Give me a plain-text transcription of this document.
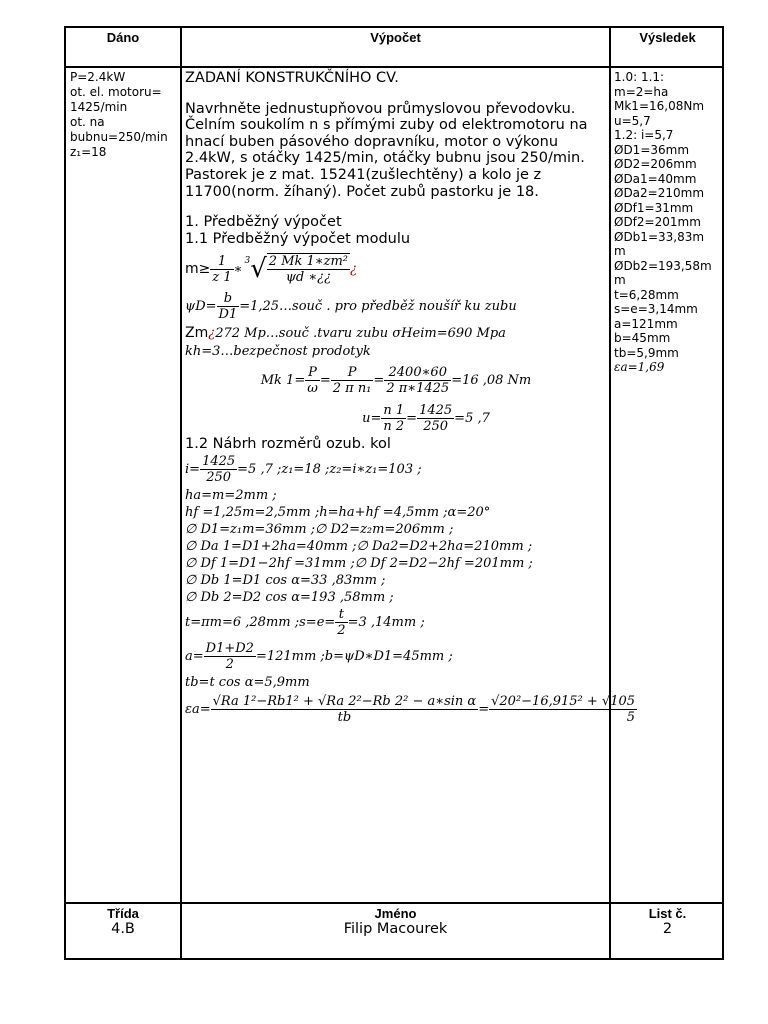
Dáno	Výpočet	Výsledek
P=2.4kW
ot. el. motoru=
1425/min
ot. na
bubnu=250/min
z₁=18
ZADANÍ KONSTRUKČNÍHO CV.
Navrhněte jednustupňovou průmyslovou převodovku. Čelním soukolím n s přímými zuby od elektromotoru na hnací buben pásového dopravníku, motor o výkonu 2.4kW, s otáčky 1425/min, otáčky bubnu jsou 250/min. Pastorek je z mat. 15241(zušlechtěny) a kolo je z 11700(norm. žíhaný). Počet zubů pastorku je 18.
1. Předběžný výpočet
1.1 Předběžný výpočet modulu
$m\ge \frac{1}{z 1}$ ∗
$^3$ √ 2 Mk 1∗zm²
ψd ∗¿¿
¿
$\psi D= \frac{b}{D1}$ =1,25…souč . pro předběž noušíř ku zubu
Zm ¿ 272 Mp…souč .tvaru zubu σHeim=690 Mpa
kh=3…bezpečnost prodotyk
Mk $1= \frac{P}{\omega} = \frac{P}{\text{2 π n₁}} = \frac{2400∗60}{2 \pi∗1425} =16$ ,08 Nm
$u= \frac{n 1}{n 2} = \frac{1425}{250} =5$ ,7
1.2 Nábrh rozměrů ozub. kol
$i= \frac{1425}{250} =5$ ,7 ;z₁=18 ;z₂=i∗z₁=103 ;
ha=m=2mm ;
hf =1,25m=2,5mm ;h=ha+hf =4,5mm ;α=20°
∅ D1=z₁m=36mm ;∅ D2=z₂m=206mm ;
∅ Da 1=D1+2ha=40mm ;∅ Da2=D2+2ha=210mm ;
∅ Df 1=D1−2hf =31mm ;∅ Df 2=D2−2hf =201mm ;
∅ Db 1=D1 cos α=33 ,83mm ;
∅ Db 2=D2 cos α=193 ,58mm ;
t=πm=6 ,28mm ;s=e= $\frac{t}{2} =3$ ,14mm ;
$a= \frac{D1+D2}{2} =121mm$ ;b=ψD∗D1=45mm ;
tb=t cos α=5,9mm
$\varepsilon a= \frac{\text{√Ra 1²−Rb1² + √Ra 2²−Rb 2² − a∗sin α}}{tb} = \frac{\text{√20²−16,915² + √105}}{5}$
1.0: 1.1:
m=2=ha
Mk1=16,08Nm
u=5,7
1.2: i=5,7
ØD1=36mm
ØD2=206mm
ØDa1=40mm
ØDa2=210mm
ØDf1=31mm
ØDf2=201mm
ØDb1=33,83m
m
ØDb2=193,58m
m
t=6,28mm
s=e=3,14mm
a=121mm
b=45mm
tb=5,9mm
εa=1,69
Třída
4.B
Jméno
Filip Macourek
List č.
2
